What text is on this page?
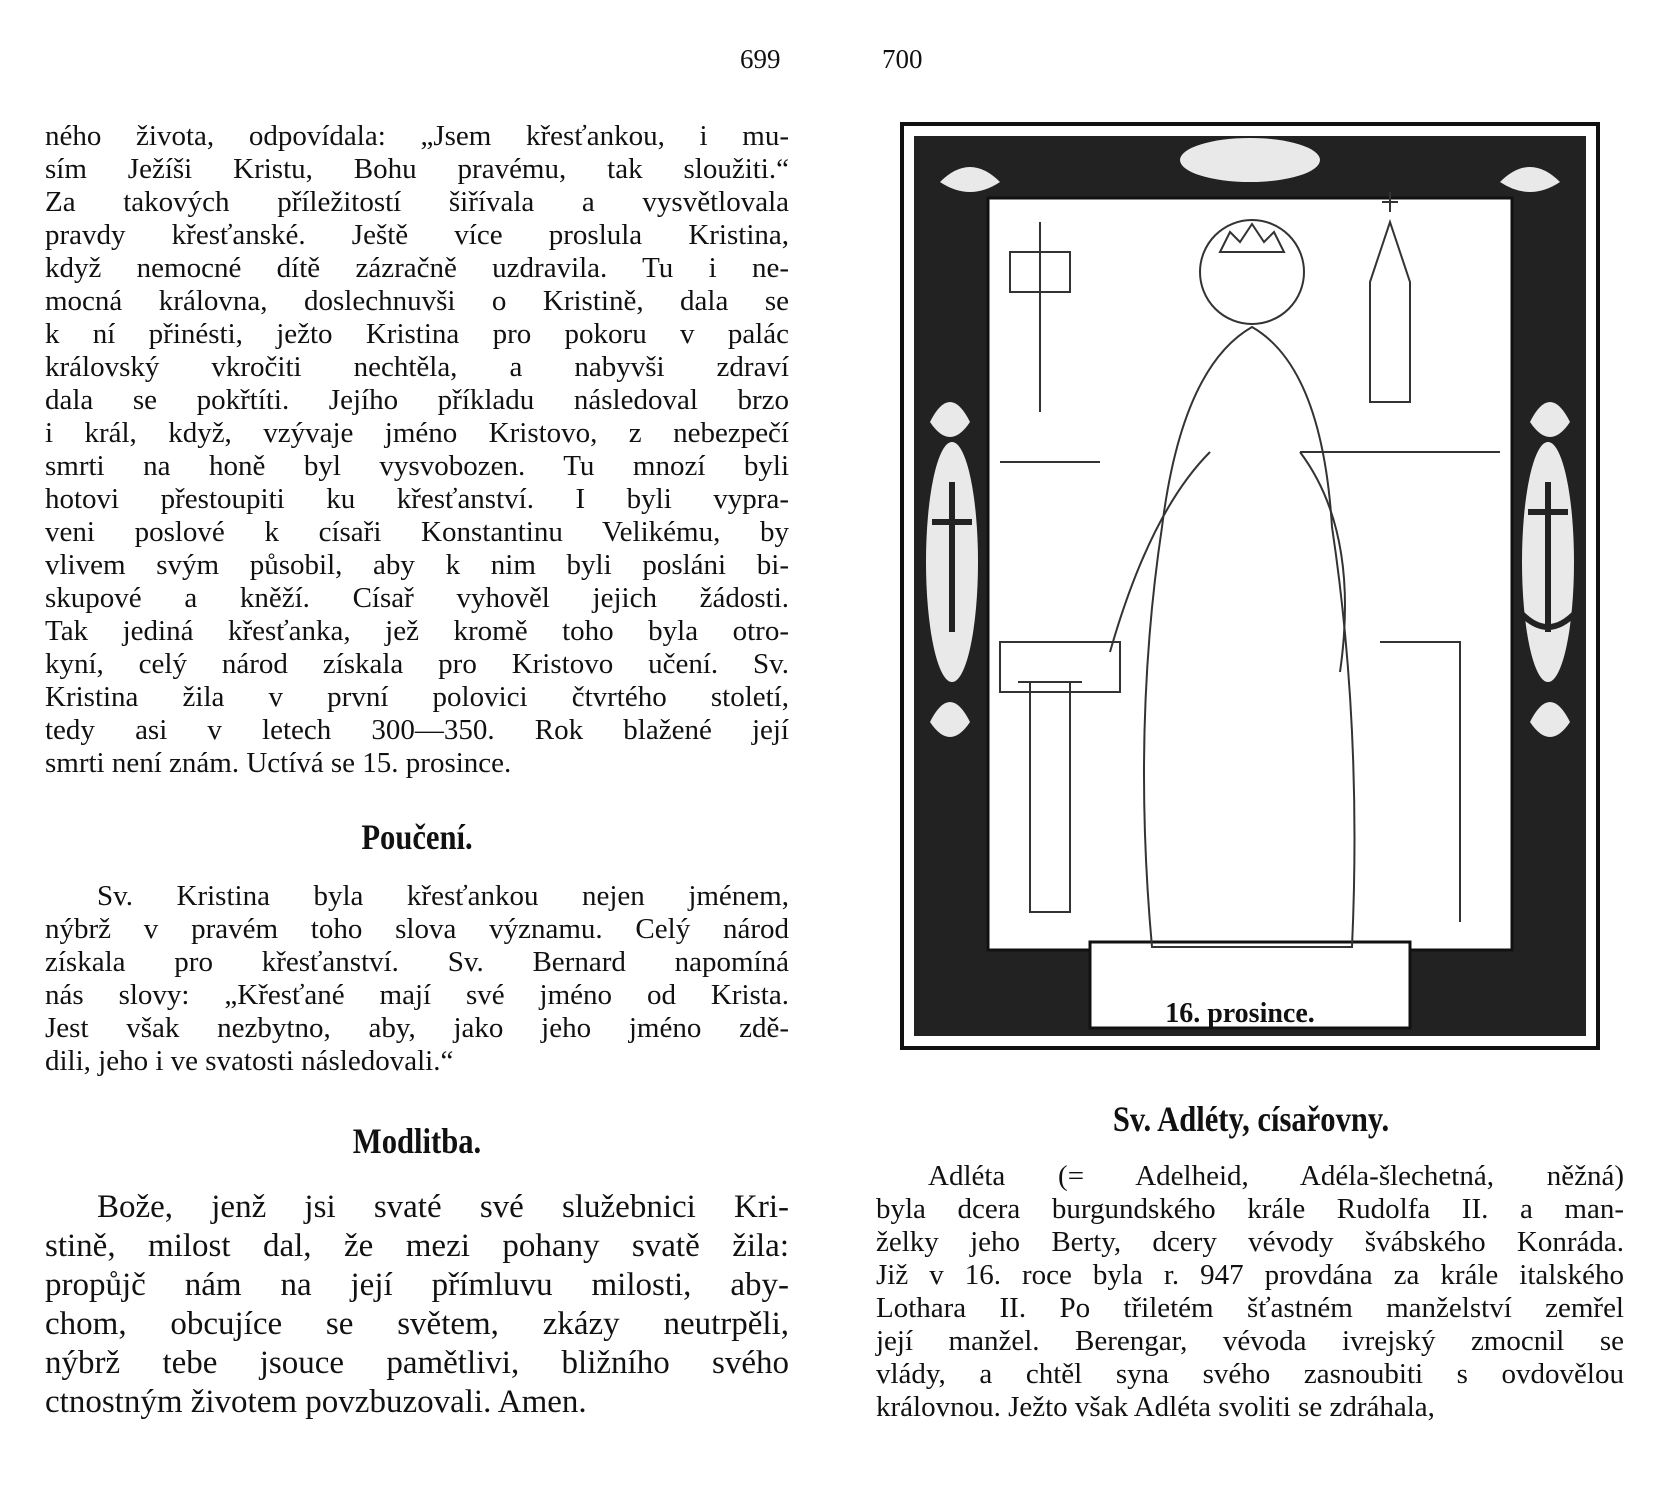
699	700
ného života, odpovídala: „Jsem křesťankou, i mu-
sím Ježíši Kristu, Bohu pravému, tak sloužiti.“
Za takových příležitostí šiřívala a vysvětlovala
pravdy křesťanské. Ještě více proslula Kristina,
když nemocné dítě zázračně uzdravila. Tu i ne-
mocná královna, doslechnuvši o Kristině, dala se
k ní přinésti, ježto Kristina pro pokoru v palác
královský vkročiti nechtěla, a nabyvši zdraví
dala se pokřtíti. Jejího příkladu následoval brzo
i král, když, vzývaje jméno Kristovo, z nebezpečí
smrti na honě byl vysvobozen. Tu mnozí byli
hotovi přestoupiti ku křesťanství. I byli vypra-
veni poslové k císaři Konstantinu Velikému, by
vlivem svým působil, aby k nim byli posláni bi-
skupové a kněží. Císař vyhověl jejich žádosti.
Tak jediná křesťanka, jež kromě toho byla otro-
kyní, celý národ získala pro Kristovo učení. Sv.
Kristina žila v první polovici čtvrtého století,
tedy asi v letech 300—350. Rok blažené její
smrti není znám. Uctívá se 15. prosince.
Poučení.
Sv. Kristina byla křesťankou nejen jménem,
nýbrž v pravém toho slova významu. Celý národ
získala pro křesťanství. Sv. Bernard napomíná
nás slovy: „Křesťané mají své jméno od Krista.
Jest však nezbytno, aby, jako jeho jméno zdě-
dili, jeho i ve svatosti následovali.“
Modlitba.
Bože, jenž jsi svaté své služebnici Kri-
stině, milost dal, že mezi pohany svatě žila:
propůjč nám na její přímluvu milosti, aby-
chom, obcujíce se světem, zkázy neutrpěli,
nýbrž tebe jsouce pamětlivi, bližního svého
ctnostným životem povzbuzovali. Amen.
16. prosince.
Sv. Adléty, císařovny.
Adléta (= Adelheid, Adéla-šlechetná, něžná)
byla dcera burgundského krále Rudolfa II. a man-
želky jeho Berty, dcery vévody švábského Konráda.
Již v 16. roce byla r. 947 provdána za krále italského
Lothara II. Po třiletém šťastném manželství zemřel
její manžel. Berengar, vévoda ivrejský zmocnil se
vlády, a chtěl syna svého zasnoubiti s ovdovělou
královnou. Ježto však Adléta svoliti se zdráhala,
